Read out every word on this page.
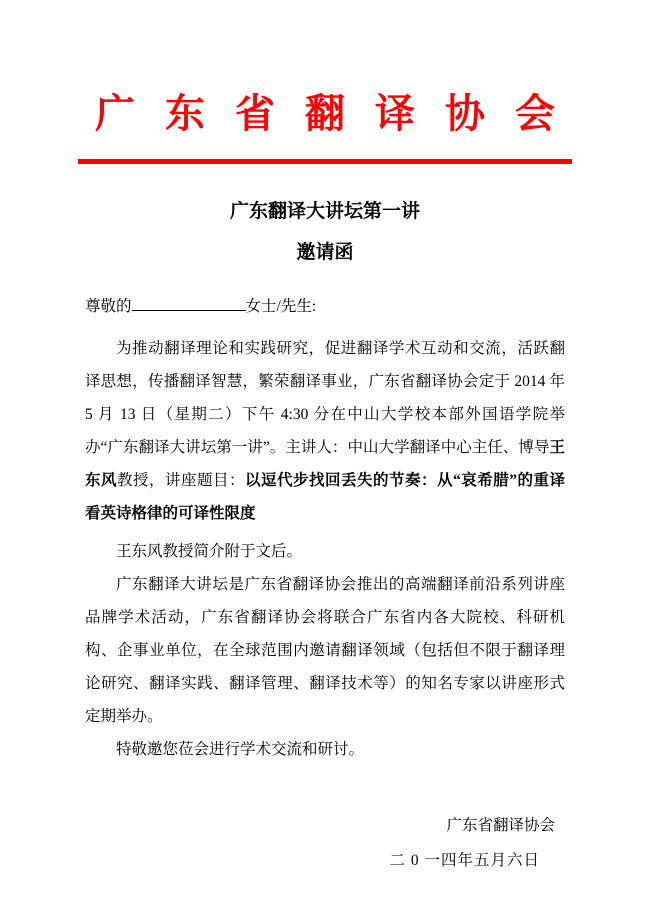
广东省翻译协会
广东翻译大讲坛第一讲
邀请函

尊敬的	女士/先生:

为推动翻译理论和实践研究，促进翻译学术互动和交流，活跃翻译思想，传播翻译智慧，繁荣翻译事业，广东省翻译协会定于 2014 年 5 月 13 日（星期二）下午 4:30 分在中山大学校本部外国语学院举办“广东翻译大讲坛第一讲”。主讲人：中山大学翻译中心主任、博导王东风教授，讲座题目：以逗代步找回丢失的节奏：从“哀希腊”的重译看英诗格律的可译性限度

王东风教授简介附于文后。

广东翻译大讲坛是广东省翻译协会推出的高端翻译前沿系列讲座品牌学术活动，广东省翻译协会将联合广东省内各大院校、科研机构、企事业单位，在全球范围内邀请翻译领域（包括但不限于翻译理论研究、翻译实践、翻译管理、翻译技术等）的知名专家以讲座形式定期举办。

特敬邀您莅会进行学术交流和研讨。

广东省翻译协会
二 0 一四年五月六日
